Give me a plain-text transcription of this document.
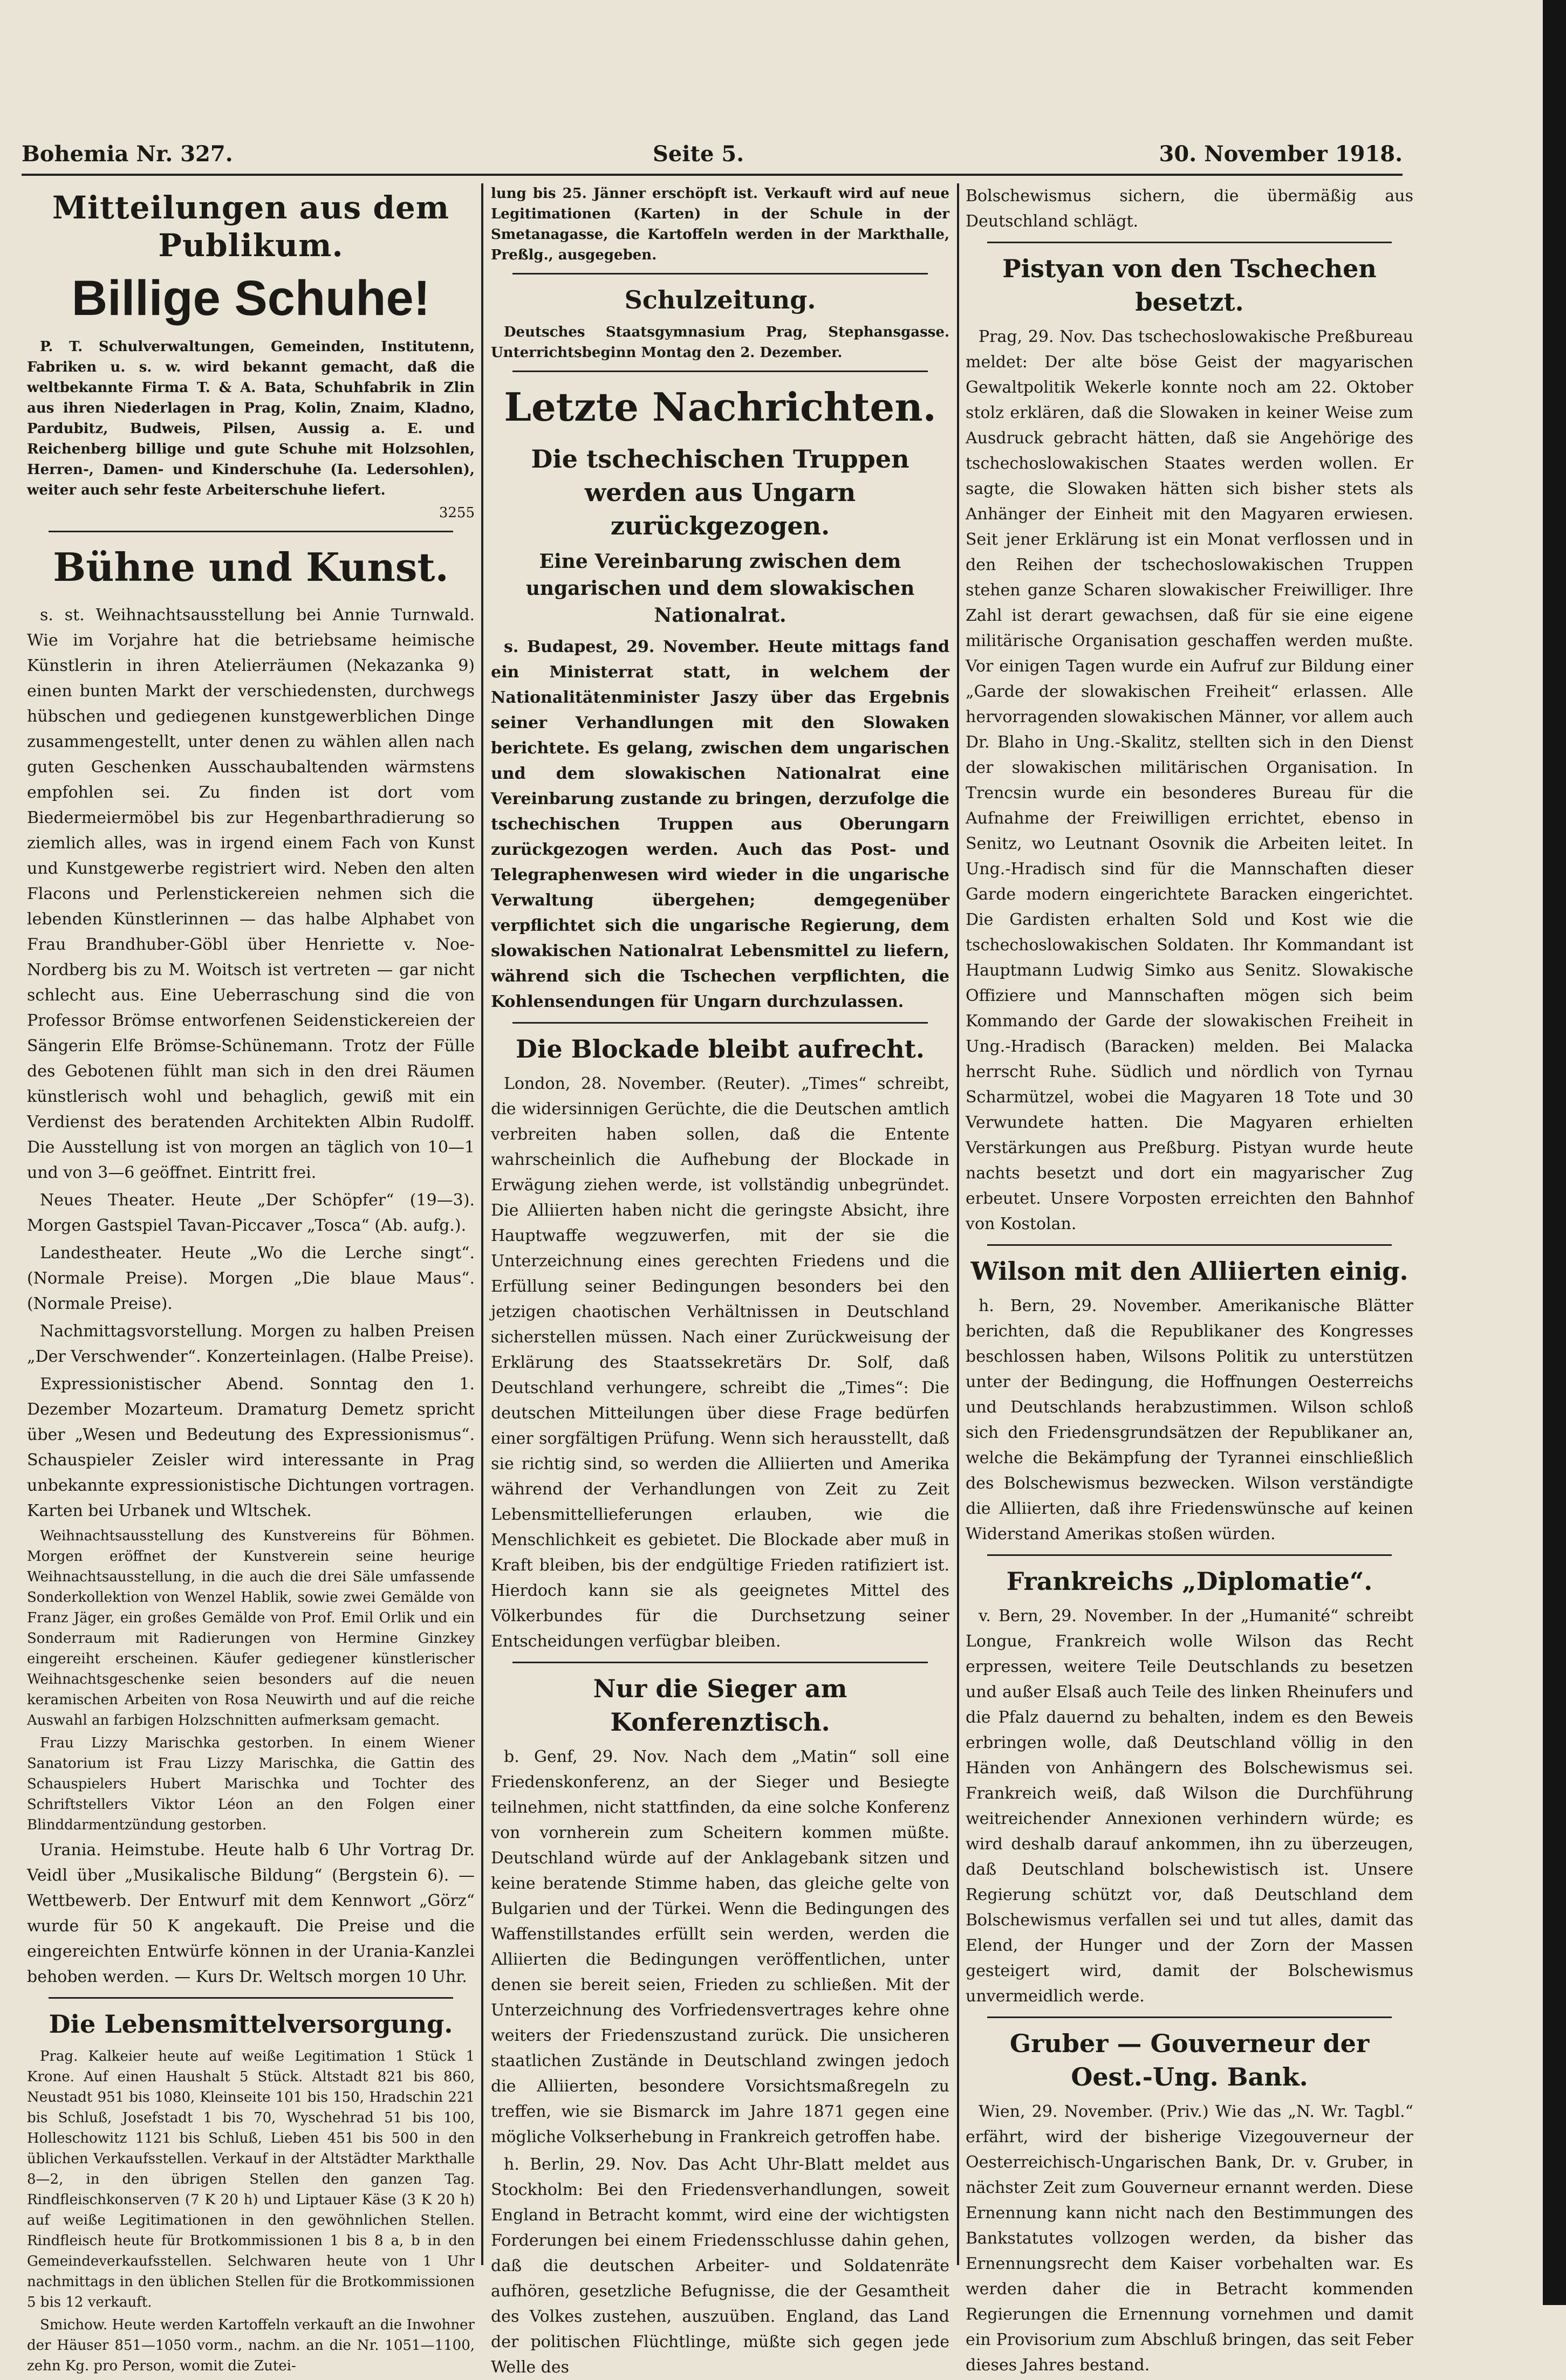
Bohemia Nr. 327.	Seite 5.	30. November 1918.
Mitteilungen aus dem Publikum.
Billige Schuhe!

P. T. Schulverwaltungen, Gemeinden, Institutenn, Fabriken u. s. w. wird bekannt gemacht, daß die weltbekannte Firma T. & A. Bata, Schuhfabrik in Zlin aus ihren Niederlagen in Prag, Kolin, Znaim, Kladno, Pardubitz, Budweis, Pilsen, Aussig a. E. und Reichenberg billige und gute Schuhe mit Holzsohlen, Herren-, Damen- und Kinderschuhe (Ia. Ledersohlen), weiter auch sehr feste Arbeiterschuhe liefert.

3255
Bühne und Kunst.

s. st. Weihnachtsausstellung bei Annie Turnwald. Wie im Vorjahre hat die betriebsame heimische Künstlerin in ihren Atelierräumen (Nekazanka 9) einen bunten Markt der verschiedensten, durchwegs hübschen und gediegenen kunstgewerblichen Dinge zusammengestellt, unter denen zu wählen allen nach guten Geschenken Ausschaubaltenden wärmstens empfohlen sei. Zu finden ist dort vom Biedermeiermöbel bis zur Hegenbarthradierung so ziemlich alles, was in irgend einem Fach von Kunst und Kunstgewerbe registriert wird. Neben den alten Flacons und Perlenstickereien nehmen sich die lebenden Künstlerinnen — das halbe Alphabet von Frau Brandhuber-Göbl über Henriette v. Noe-Nordberg bis zu M. Woitsch ist vertreten — gar nicht schlecht aus. Eine Ueberraschung sind die von Professor Brömse entworfenen Seidenstickereien der Sängerin Elfe Brömse-Schünemann. Trotz der Fülle des Gebotenen fühlt man sich in den drei Räumen künstlerisch wohl und behaglich, gewiß mit ein Verdienst des beratenden Architekten Albin Rudolff. Die Ausstellung ist von morgen an täglich von 10—1 und von 3—6 geöffnet. Eintritt frei.

Neues Theater. Heute „Der Schöpfer“ (19—3). Morgen Gastspiel Tavan-Piccaver „Tosca“ (Ab. aufg.).

Landestheater. Heute „Wo die Lerche singt“. (Normale Preise). Morgen „Die blaue Maus“. (Normale Preise).

Nachmittagsvorstellung. Morgen zu halben Preisen „Der Verschwender“. Konzerteinlagen. (Halbe Preise).

Expressionistischer Abend. Sonntag den 1. Dezember Mozarteum. Dramaturg Demetz spricht über „Wesen und Bedeutung des Expressionismus“. Schauspieler Zeisler wird interessante in Prag unbekannte expressionistische Dichtungen vortragen. Karten bei Urbanek und Wltschek.

Weihnachtsausstellung des Kunstvereins für Böhmen. Morgen eröffnet der Kunstverein seine heurige Weihnachtsausstellung, in die auch die drei Säle umfassende Sonderkollektion von Wenzel Hablik, sowie zwei Gemälde von Franz Jäger, ein großes Gemälde von Prof. Emil Orlik und ein Sonderraum mit Radierungen von Hermine Ginzkey eingereiht erscheinen. Käufer gediegener künstlerischer Weihnachtsgeschenke seien besonders auf die neuen keramischen Arbeiten von Rosa Neuwirth und auf die reiche Auswahl an farbigen Holzschnitten aufmerksam gemacht.

Frau Lizzy Marischka gestorben. In einem Wiener Sanatorium ist Frau Lizzy Marischka, die Gattin des Schauspielers Hubert Marischka und Tochter des Schriftstellers Viktor Léon an den Folgen einer Blinddarmentzündung gestorben.

Urania. Heimstube. Heute halb 6 Uhr Vortrag Dr. Veidl über „Musikalische Bildung“ (Bergstein 6). — Wettbewerb. Der Entwurf mit dem Kennwort „Görz“ wurde für 50 K angekauft. Die Preise und die eingereichten Entwürfe können in der Urania-Kanzlei behoben werden. — Kurs Dr. Weltsch morgen 10 Uhr.

Die Lebensmittelversorgung.

Prag. Kalkeier heute auf weiße Legitimation 1 Stück 1 Krone. Auf einen Haushalt 5 Stück. Altstadt 821 bis 860, Neustadt 951 bis 1080, Kleinseite 101 bis 150, Hradschin 221 bis Schluß, Josefstadt 1 bis 70, Wyschehrad 51 bis 100, Holleschowitz 1121 bis Schluß, Lieben 451 bis 500 in den üblichen Verkaufsstellen. Verkauf in der Altstädter Markthalle 8—2, in den übrigen Stellen den ganzen Tag. Rindfleischkonserven (7 K 20 h) und Liptauer Käse (3 K 20 h) auf weiße Legitimationen in den gewöhnlichen Stellen. Rindfleisch heute für Brotkommissionen 1 bis 8 a, b in den Gemeindeverkaufsstellen. Selchwaren heute von 1 Uhr nachmittags in den üblichen Stellen für die Brotkommissionen 5 bis 12 verkauft.

Smichow. Heute werden Kartoffeln verkauft an die Inwohner der Häuser 851—1050 vorm., nachm. an die Nr. 1051—1100, zehn Kg. pro Person, womit die Zutei-

lung bis 25. Jänner erschöpft ist. Verkauft wird auf neue Legitimationen (Karten) in der Schule in der Smetanagasse, die Kartoffeln werden in der Markthalle, Preßlg., ausgegeben.

Schulzeitung.

Deutsches Staatsgymnasium Prag, Stephansgasse. Unterrichtsbeginn Montag den 2. Dezember.

Letzte Nachrichten.
Die tschechischen Truppen werden aus Ungarn zurückgezogen.
Eine Vereinbarung zwischen dem ungarischen und dem slowakischen Nationalrat.

s. Budapest, 29. November. Heute mittags fand ein Ministerrat statt, in welchem der Nationalitätenminister Jaszy über das Ergebnis seiner Verhandlungen mit den Slowaken berichtete. Es gelang, zwischen dem ungarischen und dem slowakischen Nationalrat eine Vereinbarung zustande zu bringen, derzufolge die tschechischen Truppen aus Oberungarn zurückgezogen werden. Auch das Post- und Telegraphenwesen wird wieder in die ungarische Verwaltung übergehen; demgegenüber verpflichtet sich die ungarische Regierung, dem slowakischen Nationalrat Lebensmittel zu liefern, während sich die Tschechen verpflichten, die Kohlensendungen für Ungarn durchzulassen.

Die Blockade bleibt aufrecht.

London, 28. November. (Reuter). „Times“ schreibt, die widersinnigen Gerüchte, die die Deutschen amtlich verbreiten haben sollen, daß die Entente wahrscheinlich die Aufhebung der Blockade in Erwägung ziehen werde, ist vollständig unbegründet. Die Alliierten haben nicht die geringste Absicht, ihre Hauptwaffe wegzuwerfen, mit der sie die Unterzeichnung eines gerechten Friedens und die Erfüllung seiner Bedingungen besonders bei den jetzigen chaotischen Verhältnissen in Deutschland sicherstellen müssen. Nach einer Zurückweisung der Erklärung des Staatssekretärs Dr. Solf, daß Deutschland verhungere, schreibt die „Times“: Die deutschen Mitteilungen über diese Frage bedürfen einer sorgfältigen Prüfung. Wenn sich herausstellt, daß sie richtig sind, so werden die Alliierten und Amerika während der Verhandlungen von Zeit zu Zeit Lebensmittellieferungen erlauben, wie die Menschlichkeit es gebietet. Die Blockade aber muß in Kraft bleiben, bis der endgültige Frieden ratifiziert ist. Hierdoch kann sie als geeignetes Mittel des Völkerbundes für die Durchsetzung seiner Entscheidungen verfügbar bleiben.

Nur die Sieger am Konferenztisch.

b. Genf, 29. Nov. Nach dem „Matin“ soll eine Friedenskonferenz, an der Sieger und Besiegte teilnehmen, nicht stattfinden, da eine solche Konferenz von vornherein zum Scheitern kommen müßte. Deutschland würde auf der Anklagebank sitzen und keine beratende Stimme haben, das gleiche gelte von Bulgarien und der Türkei. Wenn die Bedingungen des Waffenstillstandes erfüllt sein werden, werden die Alliierten die Bedingungen veröffentlichen, unter denen sie bereit seien, Frieden zu schließen. Mit der Unterzeichnung des Vorfriedensvertrages kehre ohne weiters der Friedenszustand zurück. Die unsicheren staatlichen Zustände in Deutschland zwingen jedoch die Alliierten, besondere Vorsichtsmaßregeln zu treffen, wie sie Bismarck im Jahre 1871 gegen eine mögliche Volkserhebung in Frankreich getroffen habe.

h. Berlin, 29. Nov. Das Acht Uhr-Blatt meldet aus Stockholm: Bei den Friedensverhandlungen, soweit England in Betracht kommt, wird eine der wichtigsten Forderungen bei einem Friedensschlusse dahin gehen, daß die deutschen Arbeiter- und Soldatenräte aufhören, gesetzliche Befugnisse, die der Gesamtheit des Volkes zustehen, auszuüben. England, das Land der politischen Flüchtlinge, müßte sich gegen jede Welle des

Bolschewismus sichern, die übermäßig aus Deutschland schlägt.

Pistyan von den Tschechen besetzt.

Prag, 29. Nov. Das tschechoslowakische Preßbureau meldet: Der alte böse Geist der magyarischen Gewaltpolitik Wekerle konnte noch am 22. Oktober stolz erklären, daß die Slowaken in keiner Weise zum Ausdruck gebracht hätten, daß sie Angehörige des tschechoslowakischen Staates werden wollen. Er sagte, die Slowaken hätten sich bisher stets als Anhänger der Einheit mit den Magyaren erwiesen. Seit jener Erklärung ist ein Monat verflossen und in den Reihen der tschechoslowakischen Truppen stehen ganze Scharen slowakischer Freiwilliger. Ihre Zahl ist derart gewachsen, daß für sie eine eigene militärische Organisation geschaffen werden mußte. Vor einigen Tagen wurde ein Aufruf zur Bildung einer „Garde der slowakischen Freiheit“ erlassen. Alle hervorragenden slowakischen Männer, vor allem auch Dr. Blaho in Ung.-Skalitz, stellten sich in den Dienst der slowakischen militärischen Organisation. In Trencsin wurde ein besonderes Bureau für die Aufnahme der Freiwilligen errichtet, ebenso in Senitz, wo Leutnant Osovnik die Arbeiten leitet. In Ung.-Hradisch sind für die Mannschaften dieser Garde modern eingerichtete Baracken eingerichtet. Die Gardisten erhalten Sold und Kost wie die tschechoslowakischen Soldaten. Ihr Kommandant ist Hauptmann Ludwig Simko aus Senitz. Slowakische Offiziere und Mannschaften mögen sich beim Kommando der Garde der slowakischen Freiheit in Ung.-Hradisch (Baracken) melden. Bei Malacka herrscht Ruhe. Südlich und nördlich von Tyrnau Scharmützel, wobei die Magyaren 18 Tote und 30 Verwundete hatten. Die Magyaren erhielten Verstärkungen aus Preßburg. Pistyan wurde heute nachts besetzt und dort ein magyarischer Zug erbeutet. Unsere Vorposten erreichten den Bahnhof von Kostolan.

Wilson mit den Alliierten einig.

h. Bern, 29. November. Amerikanische Blätter berichten, daß die Republikaner des Kongresses beschlossen haben, Wilsons Politik zu unterstützen unter der Bedingung, die Hoffnungen Oesterreichs und Deutschlands herabzustimmen. Wilson schloß sich den Friedensgrundsätzen der Republikaner an, welche die Bekämpfung der Tyrannei einschließlich des Bolschewismus bezwecken. Wilson verständigte die Alliierten, daß ihre Friedenswünsche auf keinen Widerstand Amerikas stoßen würden.

Frankreichs „Diplomatie“.

v. Bern, 29. November. In der „Humanité“ schreibt Longue, Frankreich wolle Wilson das Recht erpressen, weitere Teile Deutschlands zu besetzen und außer Elsaß auch Teile des linken Rheinufers und die Pfalz dauernd zu behalten, indem es den Beweis erbringen wolle, daß Deutschland völlig in den Händen von Anhängern des Bolschewismus sei. Frankreich weiß, daß Wilson die Durchführung weitreichender Annexionen verhindern würde; es wird deshalb darauf ankommen, ihn zu überzeugen, daß Deutschland bolschewistisch ist. Unsere Regierung schützt vor, daß Deutschland dem Bolschewismus verfallen sei und tut alles, damit das Elend, der Hunger und der Zorn der Massen gesteigert wird, damit der Bolschewismus unvermeidlich werde.

Gruber — Gouverneur der Oest.-Ung. Bank.

Wien, 29. November. (Priv.) Wie das „N. Wr. Tagbl.“ erfährt, wird der bisherige Vizegouverneur der Oesterreichisch-Ungarischen Bank, Dr. v. Gruber, in nächster Zeit zum Gouverneur ernannt werden. Diese Ernennung kann nicht nach den Bestimmungen des Bankstatutes vollzogen werden, da bisher das Ernennungsrecht dem Kaiser vorbehalten war. Es werden daher die in Betracht kommenden Regierungen die Ernennung vornehmen und damit ein Provisorium zum Abschluß bringen, das seit Feber dieses Jahres bestand.
